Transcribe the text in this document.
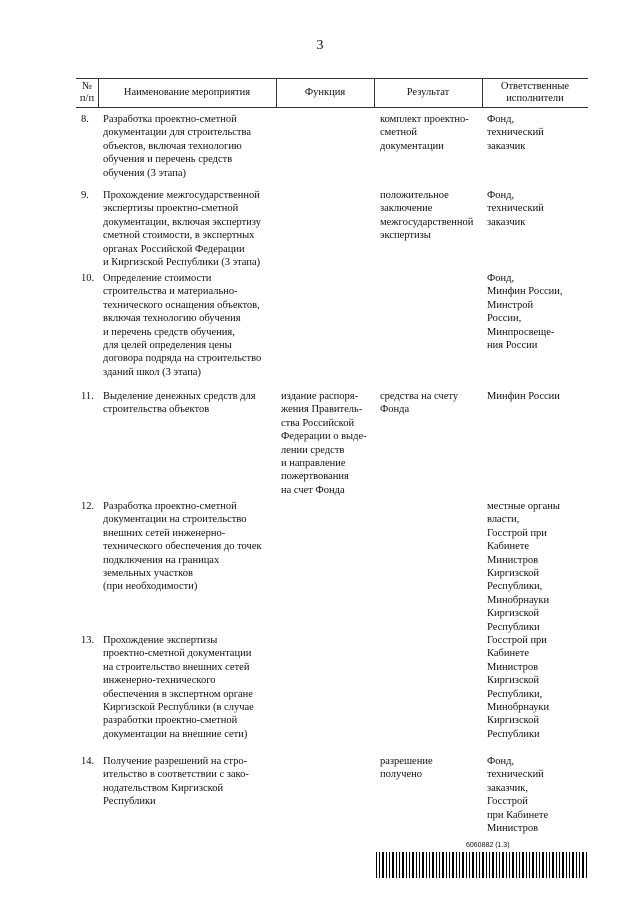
3
№
п/п
Наименование мероприятия	Функция	Результат
Ответственные
исполнители
8. Разработка проектно-сметной
документации для строительства
объектов, включая технологию
обучения и перечень средств
обучения (3 этапа)
комплект проектно-
сметной
документации
Фонд,
технический
заказчик
9. Прохождение межгосударственной
экспертизы проектно-сметной
документации, включая экспертизу
сметной стоимости, в экспертных
органах Российской Федерации
и Киргизской Республики (3 этапа)
положительное
заключение
межгосударственной
экспертизы
Фонд,
технический
заказчик
10. Определение стоимости
строительства и материально-
технического оснащения объектов,
включая технологию обучения
и перечень средств обучения,
для целей определения цены
договора подряда на строительство
зданий школ (3 этапа)
Фонд,
Минфин России,
Минстрой
России,
Минпросвеще-
ния России
11. Выделение денежных средств для
строительства объектов
издание распоря-
жения Правитель-
ства Российской
Федерации о выде-
лении средств
и направление
пожертвования
на счет Фонда
средства на счету
Фонда
Минфин России
12. Разработка проектно-сметной
документации на строительство
внешних сетей инженерно-
технического обеспечения до точек
подключения на границах
земельных участков
(при необходимости)
местные органы
власти,
Госстрой при
Кабинете
Министров
Киргизской
Республики,
Минобрнауки
Киргизской
Республики
13. Прохождение экспертизы
проектно-сметной документации
на строительство внешних сетей
инженерно-технического
обеспечения в экспертном органе
Киргизской Республики (в случае
разработки проектно-сметной
документации на внешние сети)
Госстрой при
Кабинете
Министров
Киргизской
Республики,
Минобрнауки
Киргизской
Республики
14. Получение разрешений на стро-
ительство в соответствии с зако-
нодательством Киргизской
Республики
разрешение
получено
Фонд,
технический
заказчик,
Госстрой
при Кабинете
Министров
6060882 (1.3)
